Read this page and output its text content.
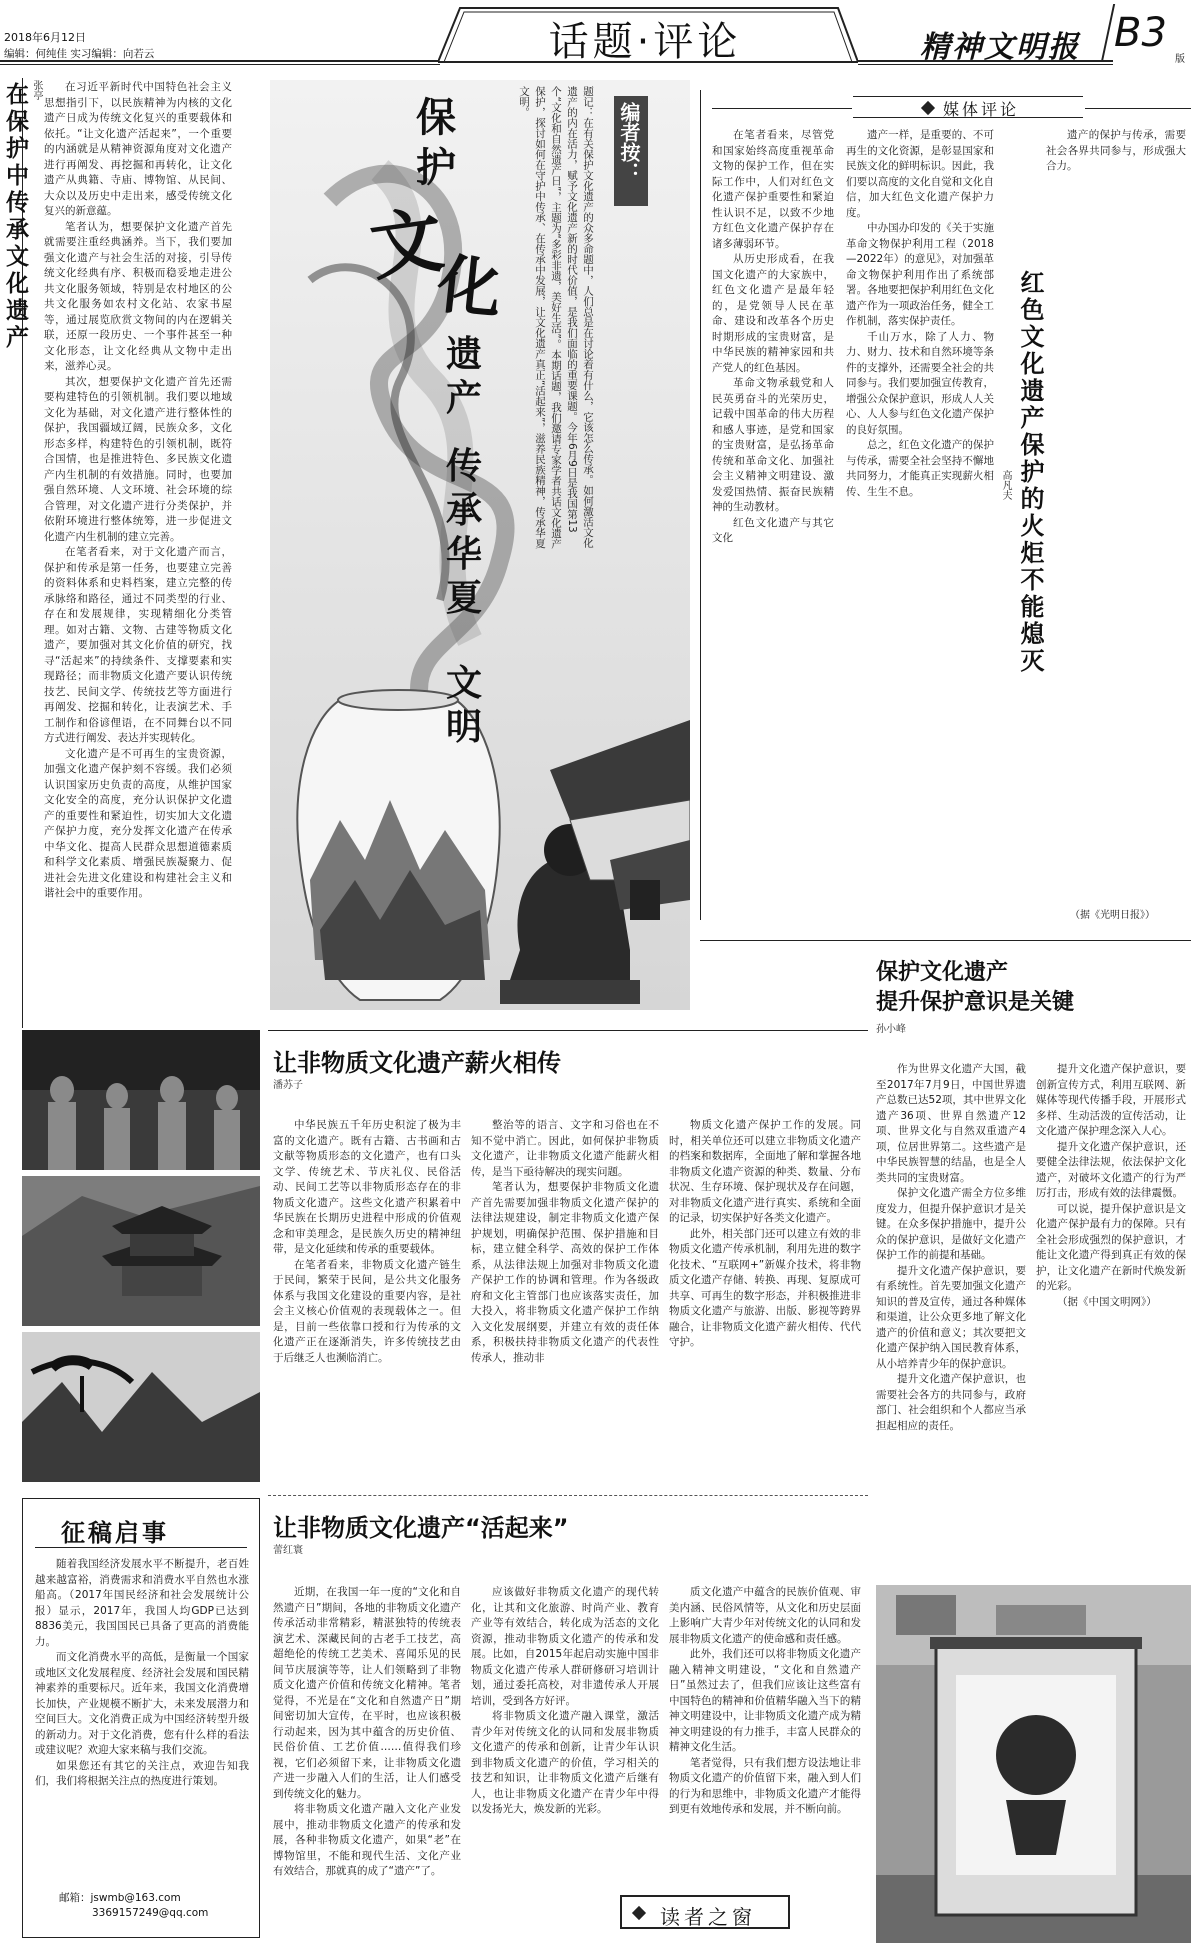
2018年6月12日
编辑：何纯佳 实习编辑：向若云	话题·评论	精神文明报 B3
版
在保护中传承文化遗产 张亭	在习近平新时代中国特色社会主义思想指引下，以民族精神为内核的文化遗产日成为传统文化复兴的重要载体和依托。“让文化遗产活起来”，一个重要的内涵就是从精神资源角度对文化遗产进行再阐发、再挖掘和再转化，让文化遗产从典籍、寺庙、博物馆、从民间、大众以及历史中走出来，感受传统文化复兴的新意蕴。

笔者认为，想要保护文化遗产首先就需要注重经典涵养。当下，我们要加强文化遗产与社会生活的对接，引导传统文化经典有序、积极而稳妥地走进公共文化服务领域，特别是农村地区的公共文化服务如农村文化站、农家书屋等，通过展览欣赏文物间的内在逻辑关联，还原一段历史、一个事件甚至一种文化形态，让文化经典从文物中走出来，滋养心灵。

其次，想要保护文化遗产首先还需要构建特色的引领机制。我们要以地域文化为基础，对文化遗产进行整体性的保护，我国疆域辽阔，民族众多，文化形态多样，构建特色的引领机制，既符合国情，也是推进特色、多民族文化遗产内生机制的有效措施。同时，也要加强自然环境、人文环境、社会环境的综合管理，对文化遗产进行分类保护，并依附环境进行整体统筹，进一步促进文化遗产内生机制的建立完善。

在笔者看来，对于文化遗产而言，保护和传承是第一任务，也要建立完善的资料体系和史料档案，建立完整的传承脉络和路径，通过不同类型的行业、存在和发展规律，实现精细化分类管理。如对古籍、文物、古建等物质文化遗产，要加强对其文化价值的研究，找寻“活起来”的持续条件、支撑要素和实现路径；而非物质文化遗产要认识传统技艺、民间文学、传统技艺等方面进行再阐发、挖掘和转化，让表演艺术、手工制作和俗谚俚语，在不同舞台以不同方式进行阐发、表达并实现转化。

文化遗产是不可再生的宝贵资源，加强文化遗产保护刻不容缓。我们必须认识国家历史负责的高度，从维护国家文化安全的高度，充分认识保护文化遗产的重要性和紧迫性，切实加大文化遗产保护力度，充分发挥文化遗产在传承中华文化、提高人民群众思想道德素质和科学文化素质、增强民族凝聚力、促进社会先进文化建设和构建社会主义和谐社会中的重要作用。

保
护
文
化
遗
产
传
承
华
夏
文
明
编者按：
题记：在有关保护文化遗产的众多命题中，人们总是在讨论着有什么，它该怎么传承。如何激活文化遗产的内在活力，赋予文化遗产新的时代价值，是我们面临的重要课题。今年6月9日是我国第13个“文化和自然遗产日”，主题为“多彩非遗，美好生活”。本期话题，我们邀请专家学者共话文化遗产保护，探讨如何在守护中传承、在传承中发展，让文化遗产真正“活起来”，滋养民族精神，传承华夏文明。	媒体评论

在笔者看来，尽管党和国家始终高度重视革命文物的保护工作，但在实际工作中，人们对红色文化遗产保护重要性和紧迫性认识不足，以致不少地方红色文化遗产保护存在诸多薄弱环节。

从历史形成看，在我国文化遗产的大家族中，红色文化遗产是最年轻的，是党领导人民在革命、建设和改革各个历史时期形成的宝贵财富，是中华民族的精神家园和共产党人的红色基因。

革命文物承载党和人民英勇奋斗的光荣历史，记载中国革命的伟大历程和感人事迹，是党和国家的宝贵财富，是弘扬革命传统和革命文化、加强社会主义精神文明建设、激发爱国热情、振奋民族精神的生动教材。

红色文化遗产与其它文化	红色文化遗产保护的火炬不能熄灭
高凡夫

遗产一样，是重要的、不可再生的文化资源，是彰显国家和民族文化的鲜明标识。因此，我们要以高度的文化自觉和文化自信，加大红色文化遗产保护力度。

中办国办印发的《关于实施革命文物保护利用工程（2018—2022年）的意见》，对加强革命文物保护利用作出了系统部署。各地要把保护利用红色文化遗产作为一项政治任务，健全工作机制，落实保护责任。

千山万水，除了人力、物力、财力、技术和自然环境等条件的支撑外，还需要全社会的共同参与。我们要加强宣传教育，增强公众保护意识，形成人人关心、人人参与红色文化遗产保护的良好氛围。

总之，红色文化遗产的保护与传承，需要全社会坚持不懈地共同努力，才能真正实现薪火相传、生生不息。

遗产的保护与传承，需要社会各界共同参与，形成强大合力。

（据《光明日报》）
保护文化遗产
提升保护意识是关键
孙小峰

作为世界文化遗产大国，截至2017年7月9日，中国世界遗产总数已达52项，其中世界文化遗产36项、世界自然遗产12项、世界文化与自然双重遗产4项，位居世界第二。这些遗产是中华民族智慧的结晶，也是全人类共同的宝贵财富。

保护文化遗产需全方位多维度发力，但提升保护意识才是关键。在众多保护措施中，提升公众的保护意识，是做好文化遗产保护工作的前提和基础。

提升文化遗产保护意识，要有系统性。首先要加强文化遗产知识的普及宣传，通过各种媒体和渠道，让公众更多地了解文化遗产的价值和意义；其次要把文化遗产保护纳入国民教育体系，从小培养青少年的保护意识。

提升文化遗产保护意识，也需要社会各方的共同参与，政府部门、社会组织和个人都应当承担起相应的责任。

提升文化遗产保护意识，要创新宣传方式，利用互联网、新媒体等现代传播手段，开展形式多样、生动活泼的宣传活动，让文化遗产保护理念深入人心。

提升文化遗产保护意识，还要健全法律法规，依法保护文化遗产，对破坏文化遗产的行为严厉打击，形成有效的法律震慑。

可以说，提升保护意识是文化遗产保护最有力的保障。只有全社会形成强烈的保护意识，才能让文化遗产得到真正有效的保护，让文化遗产在新时代焕发新的光彩。

（据《中国文明网》）

让非物质文化遗产薪火相传
潘苏子

中华民族五千年历史积淀了极为丰富的文化遗产。既有古籍、古书画和古文献等物质形态的文化遗产，也有口头文学、传统艺术、节庆礼仪、民俗活动、民间工艺等以非物质形态存在的非物质文化遗产。这些文化遗产积累着中华民族在长期历史进程中形成的价值观念和审美理念，是民族久历史的精神纽带，是文化延续和传承的重要载体。

在笔者看来，非物质文化遗产链生于民间，繁荣于民间，是公共文化服务体系与我国文化建设的重要内容，是社会主义核心价值观的表现载体之一。但是，目前一些依靠口授和行为传承的文化遗产正在逐渐消失，许多传统技艺由于后继乏人也濒临消亡。

整治等的语言、文字和习俗也在不知不觉中消亡。因此，如何保护非物质文化遗产，让非物质文化遗产能薪火相传，是当下亟待解决的现实问题。

笔者认为，想要保护非物质文化遗产首先需要加强非物质文化遗产保护的法律法规建设，制定非物质文化遗产保护规划，明确保护范围、保护措施和目标，建立健全科学、高效的保护工作体系，从法律法规上加强对非物质文化遗产保护工作的协调和管理。作为各级政府和文化主管部门也应该落实责任，加大投入，将非物质文化遗产保护工作纳入文化发展纲要，并建立有效的责任体系，积极扶持非物质文化遗产的代表性传承人，推动非

物质文化遗产保护工作的发展。同时，相关单位还可以建立非物质文化遗产的档案和数据库，全面地了解和掌握各地非物质文化遗产资源的种类、数量、分布状况、生存环境、保护现状及存在问题，对非物质文化遗产进行真实、系统和全面的记录，切实保护好各类文化遗产。

此外，相关部门还可以建立有效的非物质文化遗产传承机制，利用先进的数字化技术、“互联网+”新媒介技术，将非物质文化遗产存储、转换、再现、复原成可共享、可再生的数字形态，并积极推进非物质文化遗产与旅游、出版、影视等跨界融合，让非物质文化遗产薪火相传、代代守护。

让非物质文化遗产“活起来”
蕾红寰

近期，在我国一年一度的“文化和自然遗产日”期间，各地的非物质文化遗产传承活动非常精彩，精湛独特的传统表演艺术、深藏民间的古老手工技艺，高超绝伦的传统工艺美术、喜闻乐见的民间节庆展演等等，让人们领略到了非物质文化遗产价值和传统文化精神。笔者觉得，不光是在“文化和自然遗产日”期间密切加大宣传，在平时，也应该积极行动起来，因为其中蕴含的历史价值、民俗价值、工艺价值……值得我们珍视，它们必须留下来，让非物质文化遗产进一步融入人们的生活，让人们感受到传统文化的魅力。

将非物质文化遗产融入文化产业发展中，推动非物质文化遗产的传承和发展，各种非物质文化遗产，如果“老”在博物馆里，不能和现代生活、文化产业有效结合，那就真的成了“遗产”了。

应该做好非物质文化遗产的现代转化，让其和文化旅游、时尚产业、教育产业等有效结合，转化成为活态的文化资源，推动非物质文化遗产的传承和发展。比如，自2015年起启动实施中国非物质文化遗产传承人群研修研习培训计划，通过委托高校，对非遗传承人开展培训，受到各方好评。

将非物质文化遗产融入课堂，激活青少年对传统文化的认同和发展非物质文化遗产的传承和创新，让青少年认识到非物质文化遗产的价值，学习相关的技艺和知识，让非物质文化遗产后继有人，也让非物质文化遗产在青少年中得以发扬光大，焕发新的光彩。

质文化遗产中蕴含的民族价值观、审美内涵、民俗风情等，从文化和历史层面上影响广大青少年对传统文化的认同和发展非物质文化遗产的使命感和责任感。

此外，我们还可以将非物质文化遗产融入精神文明建设，“文化和自然遗产日”虽然过去了，但我们应该让这些富有中国特色的精神和价值精华融入当下的精神文明建设中，让非物质文化遗产成为精神文明建设的有力推手，丰富人民群众的精神文化生活。

笔者觉得，只有我们想方设法地让非物质文化遗产的价值留下来，融入到人们的行为和思维中，非物质文化遗产才能得到更有效地传承和发展，并不断向前。

读者之窗
征稿启事

随着我国经济发展水平不断提升，老百姓越来越富裕，消费需求和消费水平自然也水涨船高。（2017年国民经济和社会发展统计公报）显示，2017年，我国人均GDP已达到8836美元，我国国民已具备了更高的消费能力。

而文化消费水平的高低，是衡量一个国家或地区文化发展程度、经济社会发展和国民精神素养的重要标尺。近年来，我国文化消费增长加快，产业规模不断扩大，未来发展潜力和空间巨大。文化消费正成为中国经济转型升级的新动力。对于文化消费，您有什么样的看法或建议呢？欢迎大家来稿与我们交流。

如果您还有其它的关注点，欢迎告知我们，我们将根据关注点的热度进行策划。

邮箱：jswmb@163.com
3369157249@qq.com
